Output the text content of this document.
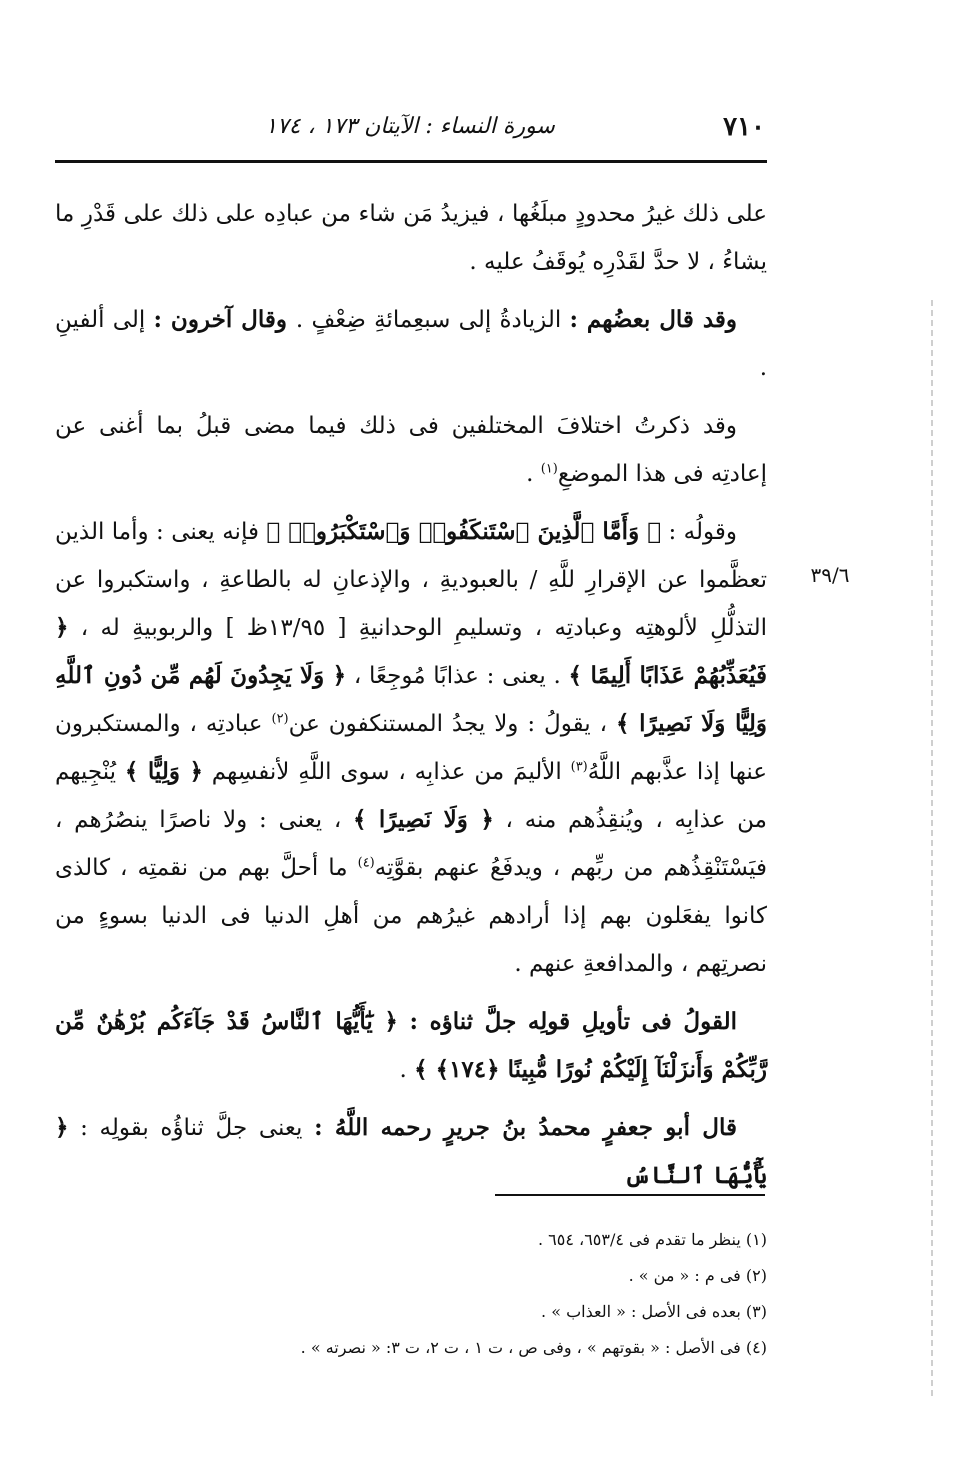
٧١٠
سورة النساء : الآيتان ١٧٣ ، ١٧٤
٣٩/٦

على ذلك غيرُ محدودٍ مبلَغُها ، فيزيدُ مَن شاء من عبادِه على ذلك على قَدْرِ ما يشاءُ ، لا حدَّ لقَدْرِه يُوقَفُ عليه .

وقد قال بعضُهم : الزيادةُ إلى سبعِمائةِ ضِعْفٍ . وقال آخرون : إلى ألفينِ .

وقد ذكرتُ اختلافَ المختلفين فى ذلك فيما مضى قبلُ بما أغنى عن إعادتِه فى هذا الموضعِ$^{(١)}$ .

وقولُه : ﴿ وَأَمَّا ٱلَّذِينَ ٱسْتَنكَفُوا۟ وَٱسْتَكْبَرُوا۟ ﴾ فإنه يعنى : وأما الذين تعظَّموا عن الإقرارِ للَّهِ / بالعبوديةِ ، والإذعانِ له بالطاعةِ ، واستكبروا عن التذلُّلِ لألوهتِه وعبادتِه ، وتسليمِ الوحدانيةِ [ ١٣/٩٥ظ ] والربوبيةِ له ، ﴿ فَيُعَذِّبُهُمْ عَذَابًا أَلِيمًا ﴾ . يعنى : عذابًا مُوجِعًا ، ﴿ وَلَا يَجِدُونَ لَهُم مِّن دُونِ ٱللَّهِ وَلِيًّا وَلَا نَصِيرًا ﴾ ، يقولُ : ولا يجدُ المستنكفون عن$^{(٢)}$ عبادتِه ، والمستكبرون عنها إذا عذَّبهم اللَّهُ$^{(٣)}$ الأليمَ من عذابِه ، سوى اللَّهِ لأنفسِهم ﴿ وَلِيًّا ﴾ يُنْجِيهم من عذابِه ، ويُنقِذُهم منه ، ﴿ وَلَا نَصِيرًا ﴾ ، يعنى : ولا ناصرًا ينصُرُهم ، فيَسْتَنْقِذُهم من ربِّهم ، ويدفَعُ عنهم بقوَّتِه$^{(٤)}$ ما أحلَّ بهم من نقمتِه ، كالذى كانوا يفعَلون بهم إذا أرادهم غيرُهم من أهلِ الدنيا فى الدنيا بسوءٍ من نصرتِهم ، والمدافعةِ عنهم .

القولُ فى تأويلِ قولِه جلَّ ثناؤه : ﴿ يَٰٓأَيُّهَا ٱلنَّاسُ قَدْ جَآءَكُم بُرْهَٰنٌ مِّن رَّبِّكُمْ وَأَنزَلْنَآ إِلَيْكُمْ نُورًا مُّبِينًا ﴿١٧٤﴾ ﴾ .

قال أبو جعفرٍ محمدُ بنُ جريرٍ رحمه اللَّهُ : يعنى جلَّ ثناؤُه بقولِه : ﴿ يَٰٓأَيُّهَا ٱلنَّاسُ

(١) ينظر ما تقدم فى ٦٥٣/٤، ٦٥٤ .
(٢) فى م : « من » .
(٣) بعده فى الأصل : « العذاب » .
(٤) فى الأصل : « بقوتهم » ، وفى ص ، ت ١ ، ت ٢، ت ٣: « نصرته » .
